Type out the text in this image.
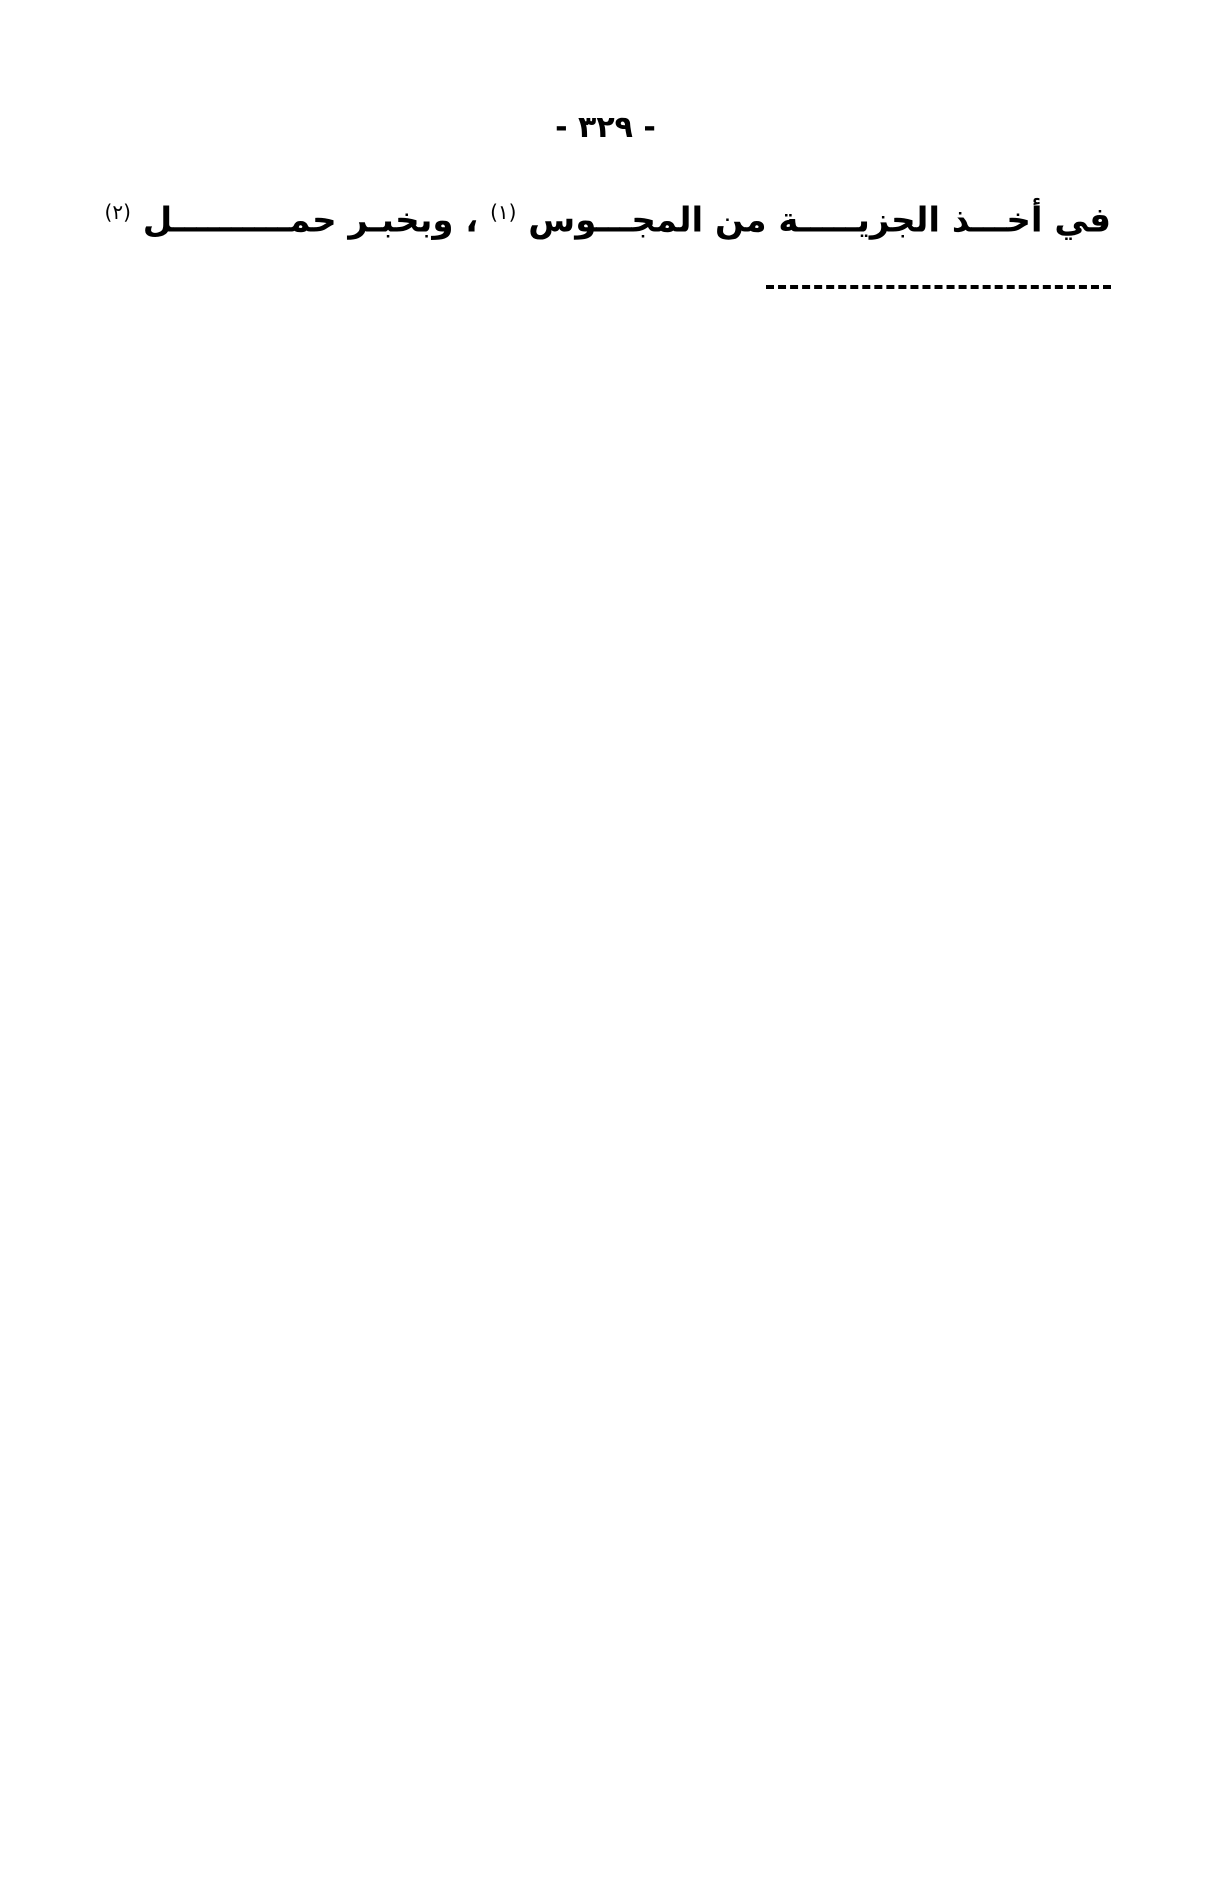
- ٣٢٩ -
في أخـــذ الجزيـــــة من المجـــوس $^{(١)}$ ، وبخبـر حمــــــــــل $^{(٢)}$
